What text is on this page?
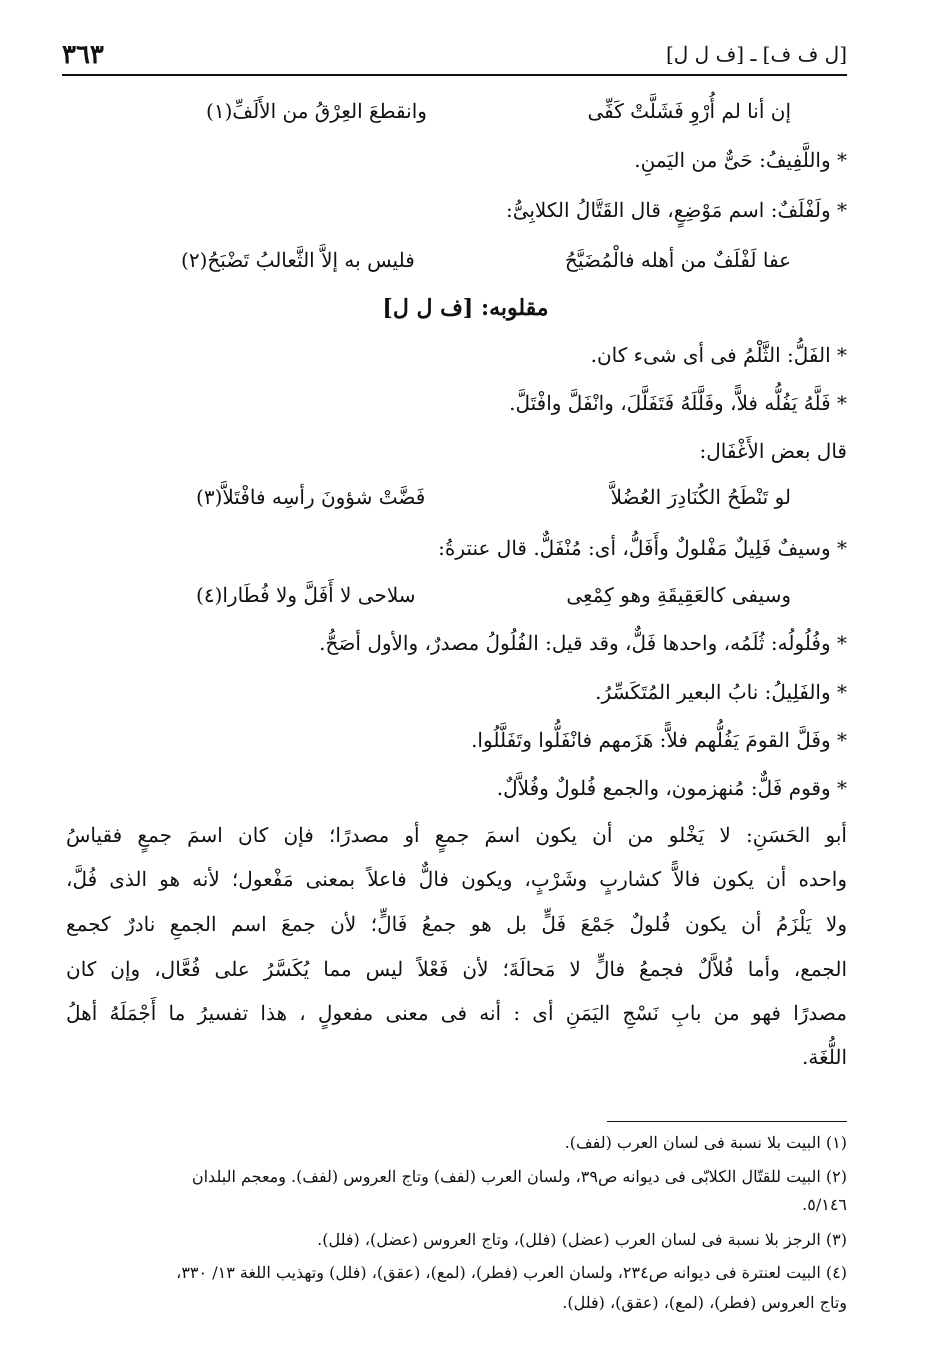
٣٦٣	[ل ف ف] ـ [ف ل ل]
إن أنا لم أُرْوِ فَشَلَّتْ كَفِّى
وانقطعَ العِرْقُ من الأَلَفِّ(١)
* واللَّفِيفُ: حَىٌّ من اليَمنِ.
* ولَفْلَفٌ: اسم مَوْضِعٍ، قال القَتَّالُ الكلابِىُّ:
عفا لَفْلَفٌ من أهله فالْمُضَيَّحُ
فليس به إلاَّ الثَّعالبُ تَضْبَحُ(٢)
مقلوبه: [ف ل ل]
* الفَلُّ: الثَّلْمُ فى أى شىء كان.
* فَلَّهُ يَفُلُّه فلاًّ، وفَلَّلَهُ فَتَفَلَّلَ، وانْفَلَّ وافْتَلَّ.
قال بعض الأَغْفَال:
لو تَنْطَحُ الكُنَادِرَ العُضُلاَّ
فَضَّتْ شؤونَ رأسِه فافْتَلاَّ(٣)
* وسيفٌ فَلِيلٌ مَفْلولٌ وأَفَلُّ، أى: مُنْفَلٌّ. قال عنترةُ:
وسيفى كالعَقِيقَةِ وهو كِمْعِى
سلاحى لا أَفَلَّ ولا فُطَارا(٤)
* وفُلُولُه: ثُلَمُه، واحدها فَلٌّ، وقد قيل: الفُلُولُ مصدرٌ، والأول أصَحُّ.
* والفَلِيلُ: نابُ البعير المُتَكَسِّرُ.
* وفَلَّ القومَ يَفُلُّهم فلاًّ: هَزَمهم فانْفَلُّوا وتَفَلَّلُوا.
* وقوم فَلٌّ: مُنهزمون، والجمع فُلولٌ وفُلاَّلٌ.
أبو الحَسَنِ: لا يَخْلو من أن يكون اسمَ جمعٍ أو مصدرًا؛ فإن كان اسمَ جمعٍ فقياسُ
واحده أن يكون فالاًّ كشاربٍ وشَرْبٍ، ويكون فالٌّ فاعلاً بمعنى مَفْعول؛ لأنه هو الذى فُلَّ،
ولا يَلْزَمُ أن يكون فُلولٌ جَمْعَ فَلٍّ بل هو جمعُ فَالٍّ؛ لأن جمعَ اسم الجمعِ نادرٌ كجمع
الجمع، وأما فُلاَّلٌ فجمعُ فالٍّ لا مَحالَةَ؛ لأن فَعْلاً ليس مما يُكَسَّرُ على فُعَّال، وإن كان
مصدرًا فهو من بابِ نَسْجِ اليَمَنِ أى : أنه فى معنى مفعولٍ ، هذا تفسيرُ ما أَجْمَلَهُ أهلُ
اللُّغَة.
(١) البيت بلا نسبة فى لسان العرب (لفف).
(٢) البيت للقتّال الكلابّى فى ديوانه ص٣٩، ولسان العرب (لفف) وتاج العروس (لفف). ومعجم البلدان
٥/١٤٦.
(٣) الرجز بلا نسبة فى لسان العرب (عضل) (فلل)، وتاج العروس (عضل)، (فلل).
(٤) البيت لعنترة فى ديوانه ص٢٣٤، ولسان العرب (فطر)، (لمع)، (عقق)، (فلل) وتهذيب اللغة ١٣/ ٣٣٠،
وتاج العروس (فطر)، (لمع)، (عقق)، (فلل).
